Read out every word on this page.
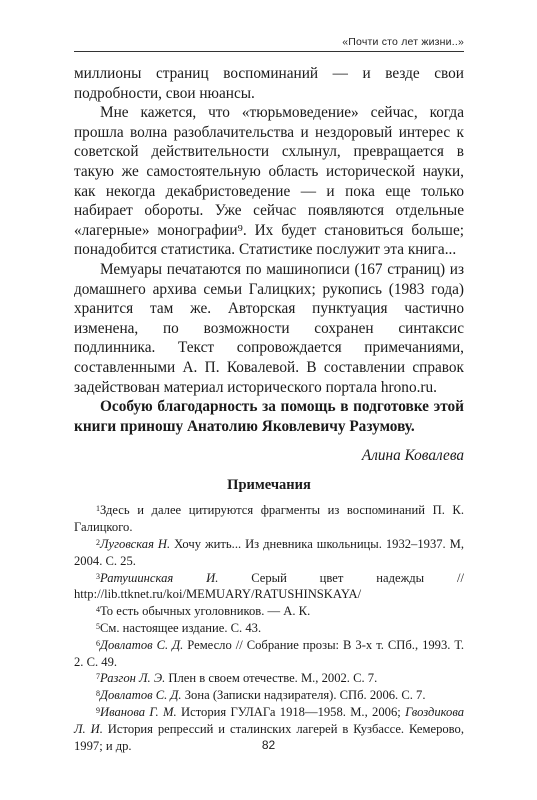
«Почти сто лет жизни..»

миллионы страниц воспоминаний — и везде свои подробности, свои нюансы.

Мне кажется, что «тюрьмоведение» сейчас, когда прошла волна разоблачительства и нездоровый интерес к советской действительности схлынул, превращается в такую же самостоятельную область исторической науки, как некогда декабристоведение — и пока еще только набирает обороты. Уже сейчас появляются отдельные «лагерные» монографии⁹. Их будет становиться больше; понадобится статистика. Статистике послужит эта книга...

Мемуары печатаются по машинописи (167 страниц) из домашнего архива семьи Галицких; рукопись (1983 года) хранится там же. Авторская пунктуация частично изменена, по возможности сохранен синтаксис подлинника. Текст сопровождается примечаниями, составленными А. П. Ковалевой. В составлении справок задействован материал исторического портала hrono.ru.

Особую благодарность за помощь в подготовке этой книги приношу Анатолию Яковлевичу Разумову.

Алина Ковалева
Примечания

$^1$Здесь и далее цитируются фрагменты из воспоминаний П. К. Галицкого.

$^2$Луговская Н. Хочу жить... Из дневника школьницы. 1932–1937. М, 2004. С. 25.

$^3$Ратушинская И. Серый цвет надежды // http://lib.ttknet.ru/koi/MEMUARY/RATUSHINSKAYA/

$^4$То есть обычных уголовников. — А. К.

$^5$См. настоящее издание. С. 43.

$^6$Довлатов С. Д. Ремесло // Собрание прозы: В 3-х т. СПб., 1993. Т. 2. С. 49.

$^7$Разгон Л. Э. Плен в своем отечестве. М., 2002. С. 7.

$^8$Довлатов С. Д. Зона (Записки надзирателя). СПб. 2006. С. 7.

$^9$Иванова Г. М. История ГУЛАГа 1918—1958. М., 2006; Гвоздикова Л. И. История репрессий и сталинских лагерей в Кузбассе. Кемерово, 1997; и др.	82
